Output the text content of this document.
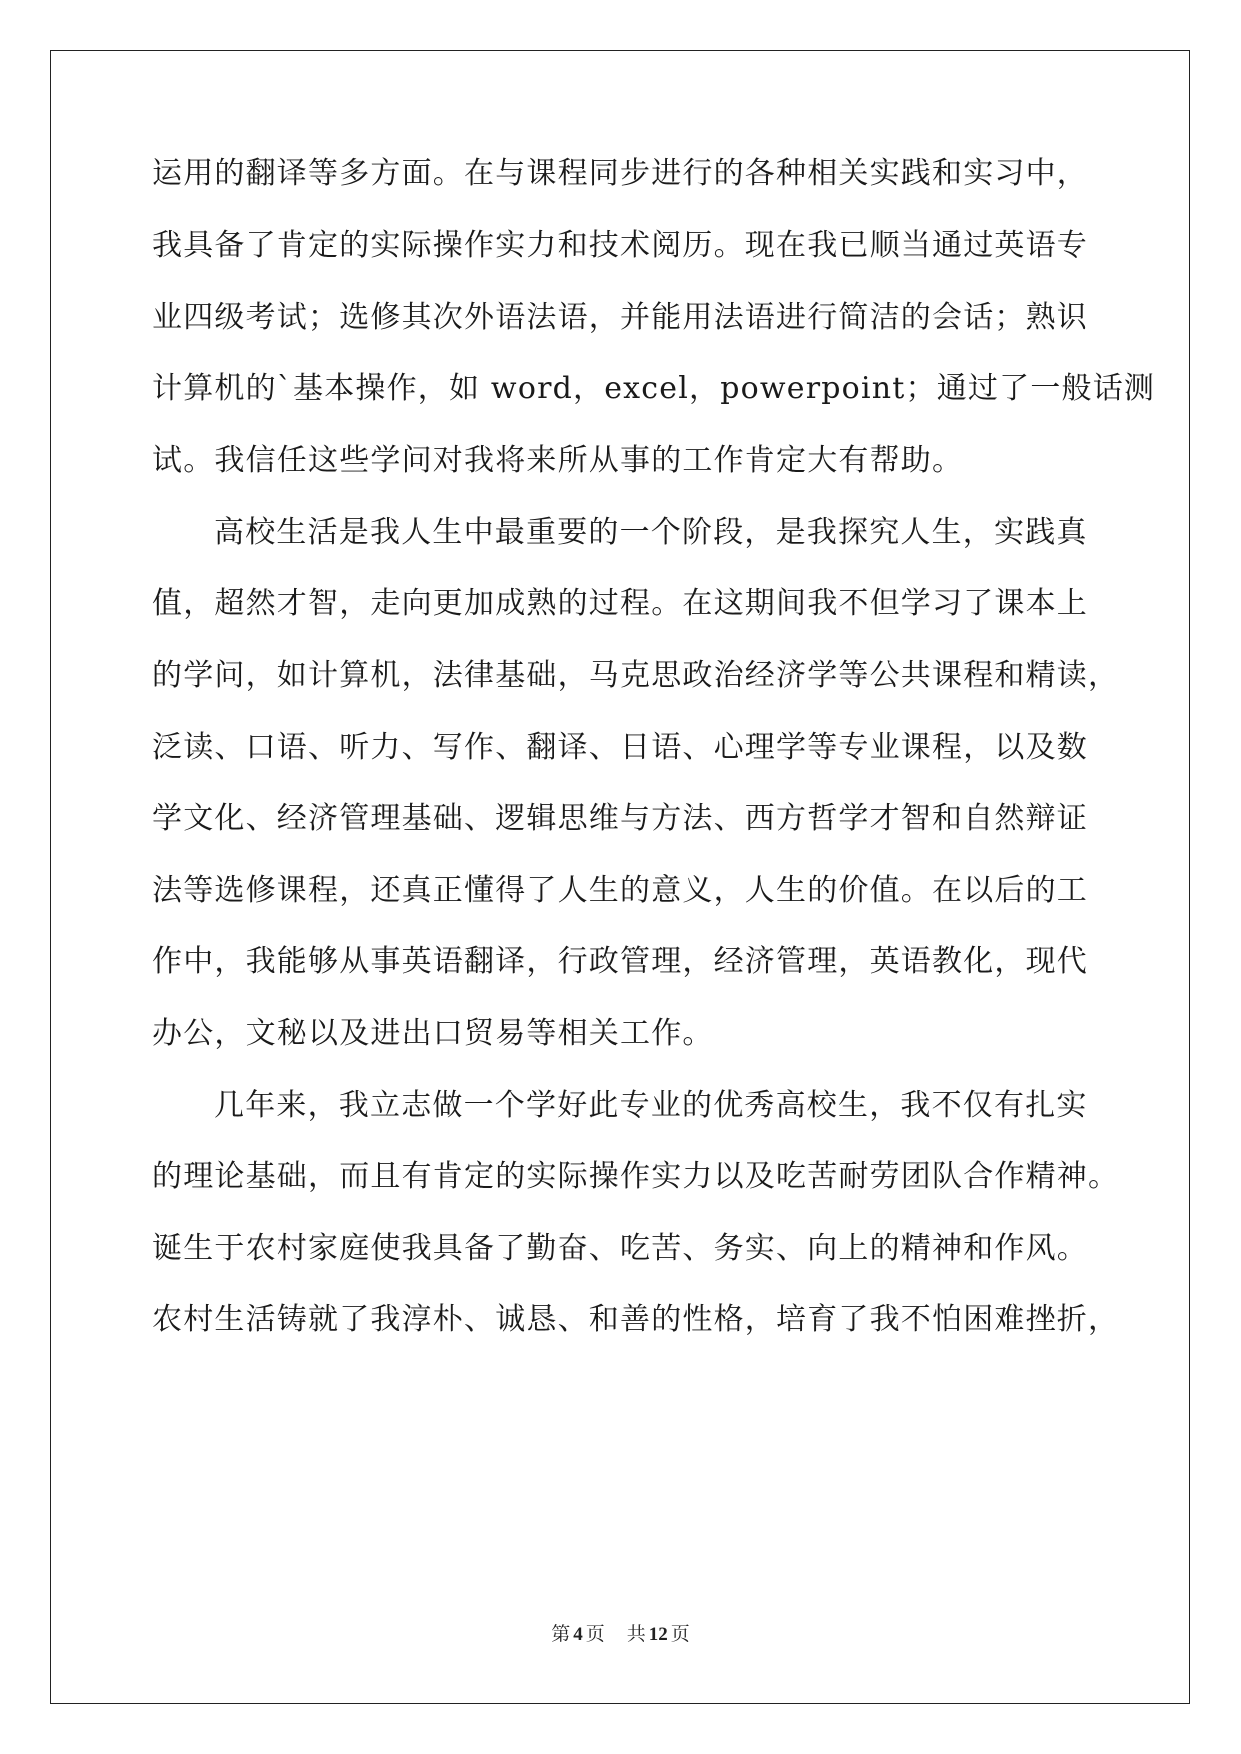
运用的翻译等多方面。在与课程同步进行的各种相关实践和实习中，
我具备了肯定的实际操作实力和技术阅历。现在我已顺当通过英语专
业四级考试；选修其次外语法语，并能用法语进行简洁的会话；熟识
计算机的`基本操作，如 word，excel，powerpoint；通过了一般话测
试。我信任这些学问对我将来所从事的工作肯定大有帮助。
高校生活是我人生中最重要的一个阶段，是我探究人生，实践真
值，超然才智，走向更加成熟的过程。在这期间我不但学习了课本上
的学问，如计算机，法律基础，马克思政治经济学等公共课程和精读，
泛读、口语、听力、写作、翻译、日语、心理学等专业课程，以及数
学文化、经济管理基础、逻辑思维与方法、西方哲学才智和自然辩证
法等选修课程，还真正懂得了人生的意义，人生的价值。在以后的工
作中，我能够从事英语翻译，行政管理，经济管理，英语教化，现代
办公，文秘以及进出口贸易等相关工作。
几年来，我立志做一个学好此专业的优秀高校生，我不仅有扎实
的理论基础，而且有肯定的实际操作实力以及吃苦耐劳团队合作精神。
诞生于农村家庭使我具备了勤奋、吃苦、务实、向上的精神和作风。
农村生活铸就了我淳朴、诚恳、和善的性格，培育了我不怕困难挫折，
第 4 页 共 12 页
